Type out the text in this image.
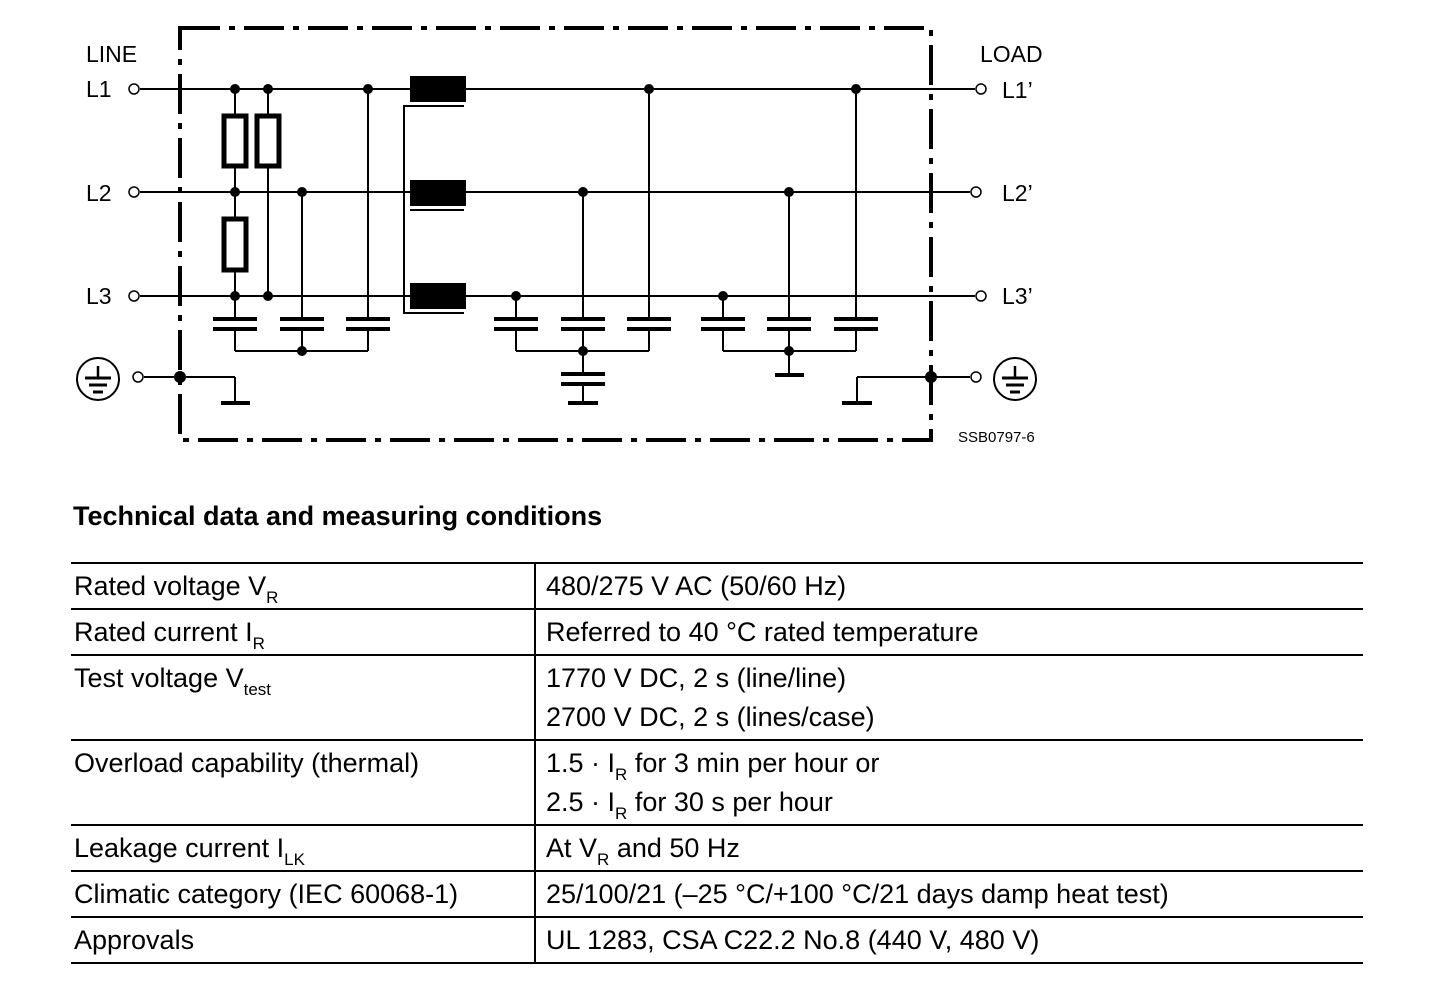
LINE	LOAD
L1
L2
L3
L1’
L2’
L3’
SSB0797-6
Technical data and measuring conditions
Rated voltage $V_R$	480/275 V AC (50/60 Hz)

Rated current $I_R$	Referred to 40 °C rated temperature

Test voltage $V_{test}$	1770 V DC, 2 s (line/line)
2700 V DC, 2 s (lines/case)

Overload capability (thermal)	$1.5 \cdot I_R$ for 3 min per hour or
$2.5 \cdot I_R$ for 30 s per hour

Leakage current $I_{LK}$	At $V_R$ and 50 Hz

Climatic category (IEC 60068-1)	25/100/21 (–25 °C/+100 °C/21 days damp heat test)

Approvals	UL 1283, CSA C22.2 No.8 (440 V, 480 V)
